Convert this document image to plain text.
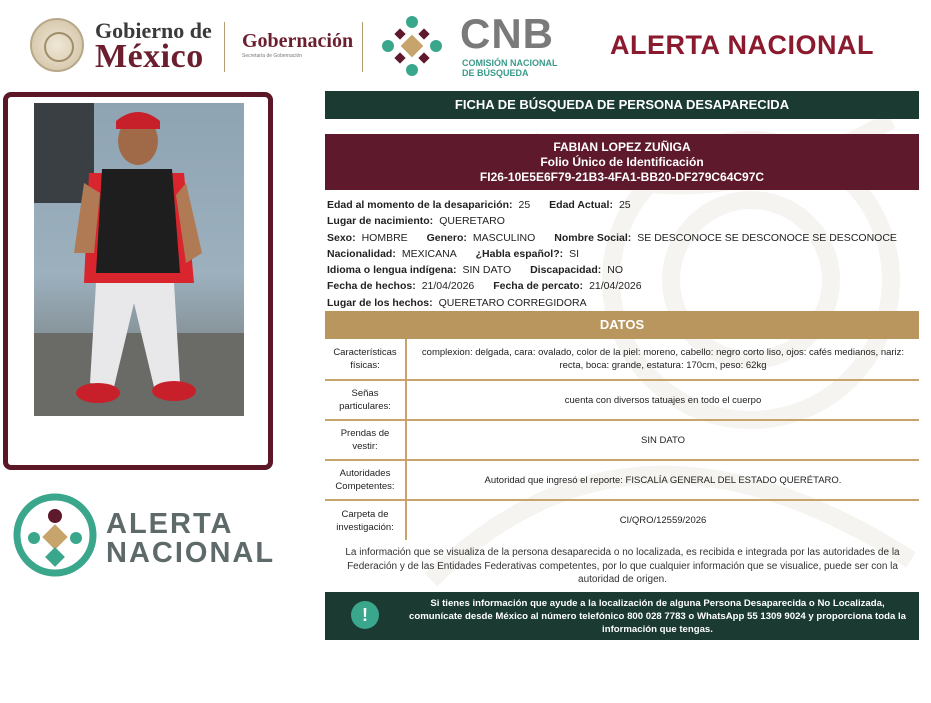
Gobierno de
México Gobernación
Secretaría de Gobernación	CNB
COMISIÓN NACIONAL
DE BÚSQUEDA
ALERTA NACIONAL
ALERTA
NACIONAL
FICHA DE BÚSQUEDA DE PERSONA DESAPARECIDA
FABIAN LOPEZ ZUÑIGA
Folio Único de Identificación
FI26-10E5E6F79-21B3-4FA1-BB20-DF279C64C97C
Edad al momento de la desaparición: 25 Edad Actual: 25
Lugar de nacimiento: QUERETARO
Sexo: HOMBRE Genero: MASCULINO Nombre Social: SE DESCONOCE SE DESCONOCE SE DESCONOCE
Nacionalidad: MEXICANA ¿Habla español?: SI
Idioma o lengua indígena: SIN DATO Discapacidad: NO
Fecha de hechos: 21/04/2026 Fecha de percato: 21/04/2026
Lugar de los hechos: QUERETARO CORREGIDORA
DATOS
Características físicas:	complexion: delgada, cara: ovalado, color de la piel: moreno, cabello: negro corto liso, ojos: cafés medianos, nariz: recta, boca: grande, estatura: 170cm, peso: 62kg
Señas particulares:	cuenta con diversos tatuajes en todo el cuerpo
Prendas de vestir:	SIN DATO
Autoridades Competentes:	Autoridad que ingresó el reporte: FISCALÍA GENERAL DEL ESTADO QUERÉTARO.
Carpeta de investigación:	CI/QRO/12559/2026
La información que se visualiza de la persona desaparecida o no localizada, es recibida e integrada por las autoridades de la Federación y de las Entidades Federativas competentes, por lo que cualquier información que se visualice, puede ser con la autoridad de origen.
!
Si tienes información que ayude a la localización de alguna Persona Desaparecida o No Localizada, comunícate desde México al número telefónico 800 028 7783 o WhatsApp 55 1309 9024 y proporciona toda la información que tengas.
